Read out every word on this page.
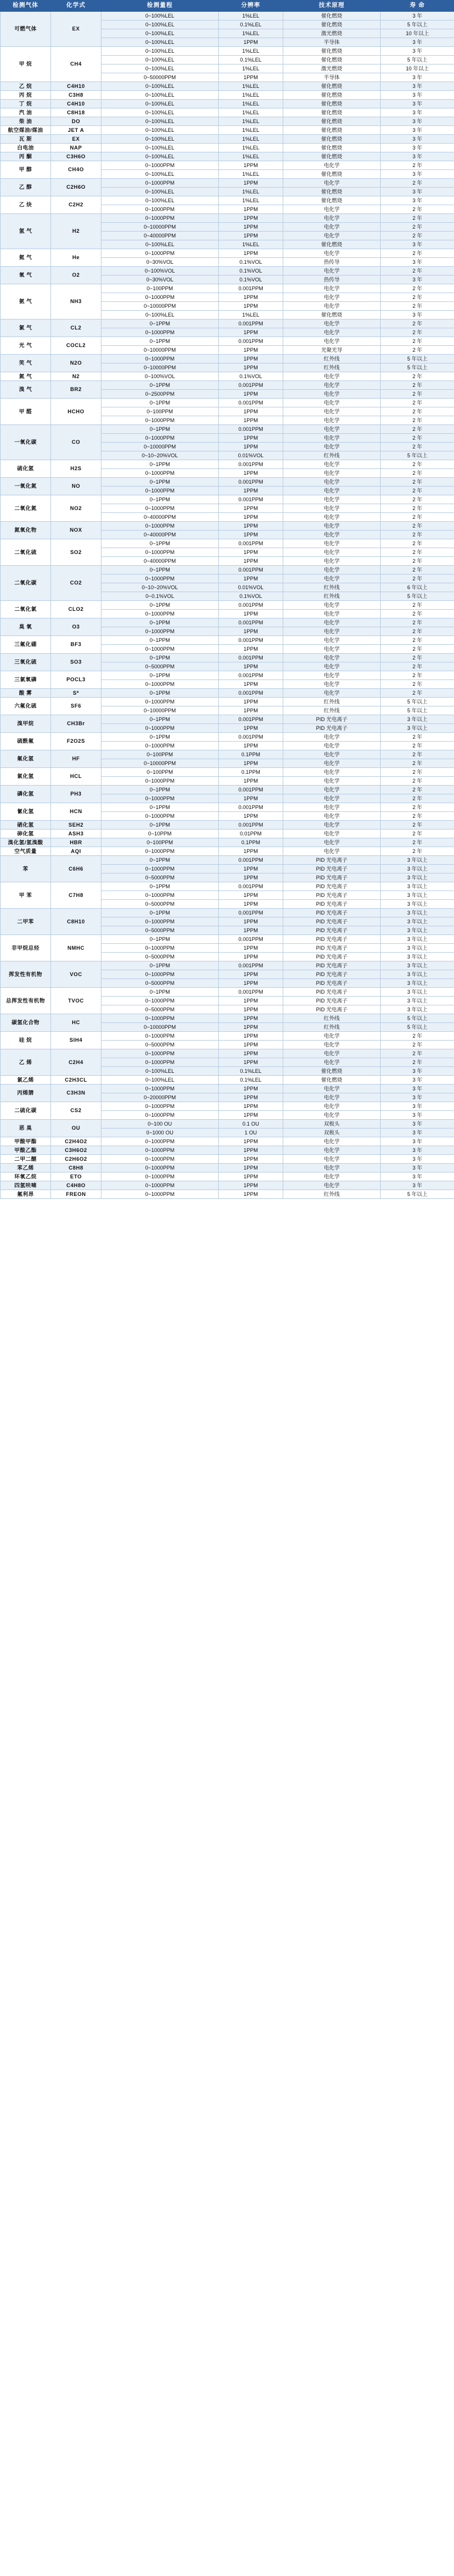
检测气体	化学式	检测量程	分辨率	技术原理	寿 命
可燃气体	EX	0~100%LEL	1%LEL	催化燃烧	3 年
		0~100%LEL	0.1%LEL	催化燃烧	5 年以上
		0~100%LEL	1%LEL	激光燃烧	10 年以上
		0~100%LEL	1PPM	半导体	3 年
甲 烷	CH4	0~100%LEL	1%LEL	催化燃烧	3 年
		0~100%LEL	0.1%LEL	催化燃烧	5 年以上
		0~100%LEL	1%LEL	激光燃烧	10 年以上
		0~50000PPM	1PPM	半导体	3 年
乙 烷	C4H10	0~100%LEL	1%LEL	催化燃烧	3 年
丙 烷	C3H8	0~100%LEL	1%LEL	催化燃烧	3 年
丁 烷	C4H10	0~100%LEL	1%LEL	催化燃烧	3 年
汽 油	C8H18	0~100%LEL	1%LEL	催化燃烧	3 年
柴 油	DO	0~100%LEL	1%LEL	催化燃烧	3 年
航空煤油/煤油	JET A	0~100%LEL	1%LEL	催化燃烧	3 年
瓦 斯	EX	0~100%LEL	1%LEL	催化燃烧	3 年
白电油	NAP	0~100%LEL	1%LEL	催化燃烧	3 年
丙 酮	C3H6O	0~100%LEL	1%LEL	催化燃烧	3 年
甲 醇	CH4O	0~1000PPM	1PPM	电化学	2 年
		0~100%LEL	1%LEL	催化燃烧	3 年
乙 醇	C2H6O	0~1000PPM	1PPM	电化学	2 年
		0~100%LEL	1%LEL	催化燃烧	3 年
乙 炔	C2H2	0~100%LEL	1%LEL	催化燃烧	3 年
		0~1000PPM	1PPM	电化学	2 年
氢 气	H2	0~1000PPM	1PPM	电化学	2 年
		0~10000PPM	1PPM	电化学	2 年
		0~40000PPM	1PPM	电化学	2 年
		0~100%LEL	1%LEL	催化燃烧	3 年
氦 气	He	0~1000PPM	1PPM	电化学	2 年
		0~30%VOL	0.1%VOL	热传导	3 年
氧 气	O2	0~100%VOL	0.1%VOL	电化学	2 年
		0~30%VOL	0.1%VOL	热传导	3 年
氨 气	NH3	0~100PPM	0.001PPM	电化学	2 年
		0~1000PPM	1PPM	电化学	2 年
		0~10000PPM	1PPM	电化学	2 年
		0~100%LEL	1%LEL	催化燃烧	3 年
氯 气	CL2	0~1PPM	0.001PPM	电化学	2 年
		0~1000PPM	1PPM	电化学	2 年
光 气	COCL2	0~1PPM	0.001PPM	电化学	2 年
		0~10000PPM	1PPM	光聚光导	2 年
笑 气	N2O	0~1000PPM	1PPM	红外线	5 年以上
		0~10000PPM	1PPM	红外线	5 年以上
氮 气	N2	0~100%VOL	0.1%VOL	电化学	2 年
溴 气	BR2	0~1PPM	0.001PPM	电化学	2 年
		0~2500PPM	1PPM	电化学	2 年
甲 醛	HCHO	0~1PPM	0.001PPM	电化学	2 年
		0~100PPM	1PPM	电化学	2 年
		0~1000PPM	1PPM	电化学	2 年
一氧化碳	CO	0~1PPM	0.001PPM	电化学	2 年
		0~1000PPM	1PPM	电化学	2 年
		0~10000PPM	1PPM	电化学	2 年
		0~10~20%VOL	0.01%VOL	红外线	5 年以上
硫化氢	H2S	0~1PPM	0.001PPM	电化学	2 年
		0~1000PPM	1PPM	电化学	2 年
一氧化氮	NO	0~1PPM	0.001PPM	电化学	2 年
		0~1000PPM	1PPM	电化学	2 年
二氧化氮	NO2	0~1PPM	0.001PPM	电化学	2 年
		0~1000PPM	1PPM	电化学	2 年
		0~40000PPM	1PPM	电化学	2 年
氮氧化物	NOX	0~1000PPM	1PPM	电化学	2 年
		0~40000PPM	1PPM	电化学	2 年
二氧化硫	SO2	0~1PPM	0.001PPM	电化学	2 年
		0~1000PPM	1PPM	电化学	2 年
		0~40000PPM	1PPM	电化学	2 年
二氧化碳	CO2	0~1PPM	0.001PPM	电化学	2 年
		0~1000PPM	1PPM	电化学	2 年
		0~10~20%VOL	0.01%VOL	红外线	6 年以上
		0~0.1%VOL	0.1%VOL	红外线	5 年以上
二氧化氯	CLO2	0~1PPM	0.001PPM	电化学	2 年
		0~1000PPM	1PPM	电化学	2 年
臭 氧	O3	0~1PPM	0.001PPM	电化学	2 年
		0~1000PPM	1PPM	电化学	2 年
三氟化硼	BF3	0~1PPM	0.001PPM	电化学	2 年
		0~1000PPM	1PPM	电化学	2 年
三氧化硫	SO3	0~1PPM	0.001PPM	电化学	2 年
		0~5000PPM	1PPM	电化学	2 年
三氯氧磷	POCL3	0~1PPM	0.001PPM	电化学	2 年
		0~1000PPM	1PPM	电化学	2 年
酸 雾	S*	0~1PPM	0.001PPM	电化学	2 年
六氟化硫	SF6	0~1000PPM	1PPM	红外线	5 年以上
		0~10000PPM	1PPM	红外线	5 年以上
溴甲烷	CH3Br	0~1PPM	0.001PPM	PID 光电离子	3 年以上
		0~1000PPM	1PPM	PID 光电离子	3 年以上
硫酰氟	F2O2S	0~1PPM	0.001PPM	电化学	2 年
		0~1000PPM	1PPM	电化学	2 年
氟化氢	HF	0~100PPM	0.1PPM	电化学	2 年
		0~10000PPM	1PPM	电化学	2 年
氯化氢	HCL	0~100PPM	0.1PPM	电化学	2 年
		0~1000PPM	1PPM	电化学	2 年
磷化氢	PH3	0~1PPM	0.001PPM	电化学	2 年
		0~1000PPM	1PPM	电化学	2 年
氰化氢	HCN	0~1PPM	0.001PPM	电化学	2 年
		0~1000PPM	1PPM	电化学	2 年
硒化氢	SEH2	0~1PPM	0.001PPM	电化学	2 年
砷化氢	ASH3	0~10PPM	0.01PPM	电化学	2 年
溴化氢/氢溴酸	HBR	0~100PPM	0.1PPM	电化学	2 年
空气质量	AQI	0~1000PPM	1PPM	电化学	2 年
苯	C6H6	0~1PPM	0.001PPM	PID 光电离子	3 年以上
		0~1000PPM	1PPM	PID 光电离子	3 年以上
		0~5000PPM	1PPM	PID 光电离子	3 年以上
甲 苯	C7H8	0~1PPM	0.001PPM	PID 光电离子	3 年以上
		0~1000PPM	1PPM	PID 光电离子	3 年以上
		0~5000PPM	1PPM	PID 光电离子	3 年以上
二甲苯	C8H10	0~1PPM	0.001PPM	PID 光电离子	3 年以上
		0~1000PPM	1PPM	PID 光电离子	3 年以上
		0~5000PPM	1PPM	PID 光电离子	3 年以上
非甲烷总烃	NMHC	0~1PPM	0.001PPM	PID 光电离子	3 年以上
		0~1000PPM	1PPM	PID 光电离子	3 年以上
		0~5000PPM	1PPM	PID 光电离子	3 年以上
挥发性有机物	VOC	0~1PPM	0.001PPM	PID 光电离子	3 年以上
		0~1000PPM	1PPM	PID 光电离子	3 年以上
		0~5000PPM	1PPM	PID 光电离子	3 年以上
总挥发性有机物	TVOC	0~1PPM	0.001PPM	PID 光电离子	3 年以上
		0~1000PPM	1PPM	PID 光电离子	3 年以上
		0~5000PPM	1PPM	PID 光电离子	3 年以上
碳氢化合物	HC	0~1000PPM	1PPM	红外线	5 年以上
		0~10000PPM	1PPM	红外线	5 年以上
硅 烷	SIH4	0~1000PPM	1PPM	电化学	2 年
		0~5000PPM	1PPM	电化学	2 年
乙 烯	C2H4	0~1000PPM	1PPM	电化学	2 年
		0~1000PPM	1PPM	电化学	2 年
		0~100%LEL	0.1%LEL	催化燃烧	3 年
氯乙烯	C2H3CL	0~100%LEL	0.1%LEL	催化燃烧	3 年
丙烯腈	C3H3N	0~1000PPM	1PPM	电化学	3 年
		0~20000PPM	1PPM	电化学	3 年
二硫化碳	CS2	0~1000PPM	1PPM	电化学	3 年
		0~1000PPM	1PPM	电化学	3 年
恶 臭	OU	0~100 OU	0.1 OU	双极头	3 年
		0~1000 OU	1 OU	双极头	3 年
甲酸甲酯	C2H4O2	0~1000PPM	1PPM	电化学	3 年
甲酸乙酯	C3H6O2	0~1000PPM	1PPM	电化学	3 年
二甲二醚	C2H6O2	0~1000PPM	1PPM	电化学	3 年
苯乙烯	C8H8	0~1000PPM	1PPM	电化学	3 年
环氧乙烷	ETO	0~1000PPM	1PPM	电化学	3 年
四氢呋喃	C4H8O	0~1000PPM	1PPM	电化学	3 年
氟利昂	FREON	0~1000PPM	1PPM	红外线	5 年以上
